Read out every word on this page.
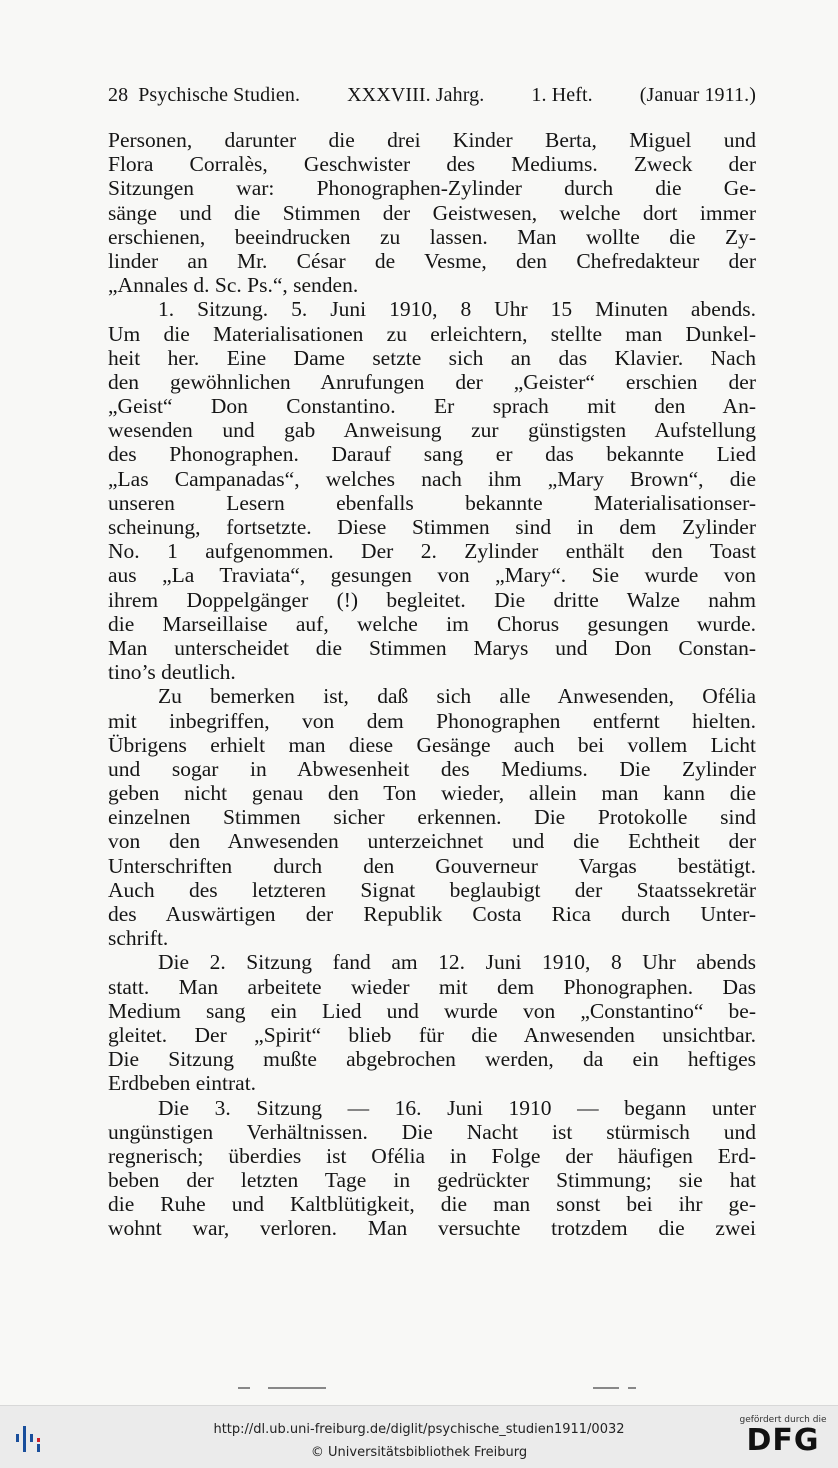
28 Psychische Studien. XXXVIII. Jahrg. 1. Heft. (Januar 1911.)
Personen, darunter die drei Kinder Berta, Miguel und
Flora Corralès, Geschwister des Mediums. Zweck der
Sitzungen war: Phonographen-Zylinder durch die Ge-
sänge und die Stimmen der Geistwesen, welche dort immer
erschienen, beeindrucken zu lassen. Man wollte die Zy-
linder an Mr. César de Vesme, den Chefredakteur der
„Annales d. Sc. Ps.“, senden.
1. Sitzung. 5. Juni 1910, 8 Uhr 15 Minuten abends.
Um die Materialisationen zu erleichtern, stellte man Dunkel-
heit her. Eine Dame setzte sich an das Klavier. Nach
den gewöhnlichen Anrufungen der „Geister“ erschien der
„Geist“ Don Constantino. Er sprach mit den An-
wesenden und gab Anweisung zur günstigsten Aufstellung
des Phonographen. Darauf sang er das bekannte Lied
„Las Campanadas“, welches nach ihm „Mary Brown“, die
unseren Lesern ebenfalls bekannte Materialisationser-
scheinung, fortsetzte. Diese Stimmen sind in dem Zylinder
No. 1 aufgenommen. Der 2. Zylinder enthält den Toast
aus „La Traviata“, gesungen von „Mary“. Sie wurde von
ihrem Doppelgänger (!) begleitet. Die dritte Walze nahm
die Marseillaise auf, welche im Chorus gesungen wurde.
Man unterscheidet die Stimmen Marys und Don Constan-
tino’s deutlich.
Zu bemerken ist, daß sich alle Anwesenden, Ofélia
mit inbegriffen, von dem Phonographen entfernt hielten.
Übrigens erhielt man diese Gesänge auch bei vollem Licht
und sogar in Abwesenheit des Mediums. Die Zylinder
geben nicht genau den Ton wieder, allein man kann die
einzelnen Stimmen sicher erkennen. Die Protokolle sind
von den Anwesenden unterzeichnet und die Echtheit der
Unterschriften durch den Gouverneur Vargas bestätigt.
Auch des letzteren Signat beglaubigt der Staatssekretär
des Auswärtigen der Republik Costa Rica durch Unter-
schrift.
Die 2. Sitzung fand am 12. Juni 1910, 8 Uhr abends
statt. Man arbeitete wieder mit dem Phonographen. Das
Medium sang ein Lied und wurde von „Constantino“ be-
gleitet. Der „Spirit“ blieb für die Anwesenden unsichtbar.
Die Sitzung mußte abgebrochen werden, da ein heftiges
Erdbeben eintrat.
Die 3. Sitzung — 16. Juni 1910 — begann unter
ungünstigen Verhältnissen. Die Nacht ist stürmisch und
regnerisch; überdies ist Ofélia in Folge der häufigen Erd-
beben der letzten Tage in gedrückter Stimmung; sie hat
die Ruhe und Kaltblütigkeit, die man sonst bei ihr ge-
wohnt war, verloren. Man versuchte trotzdem die zwei
http://dl.ub.uni-freiburg.de/diglit/psychische_studien1911/0032
© Universitätsbibliothek Freiburg
gefördert durch die
DFG
